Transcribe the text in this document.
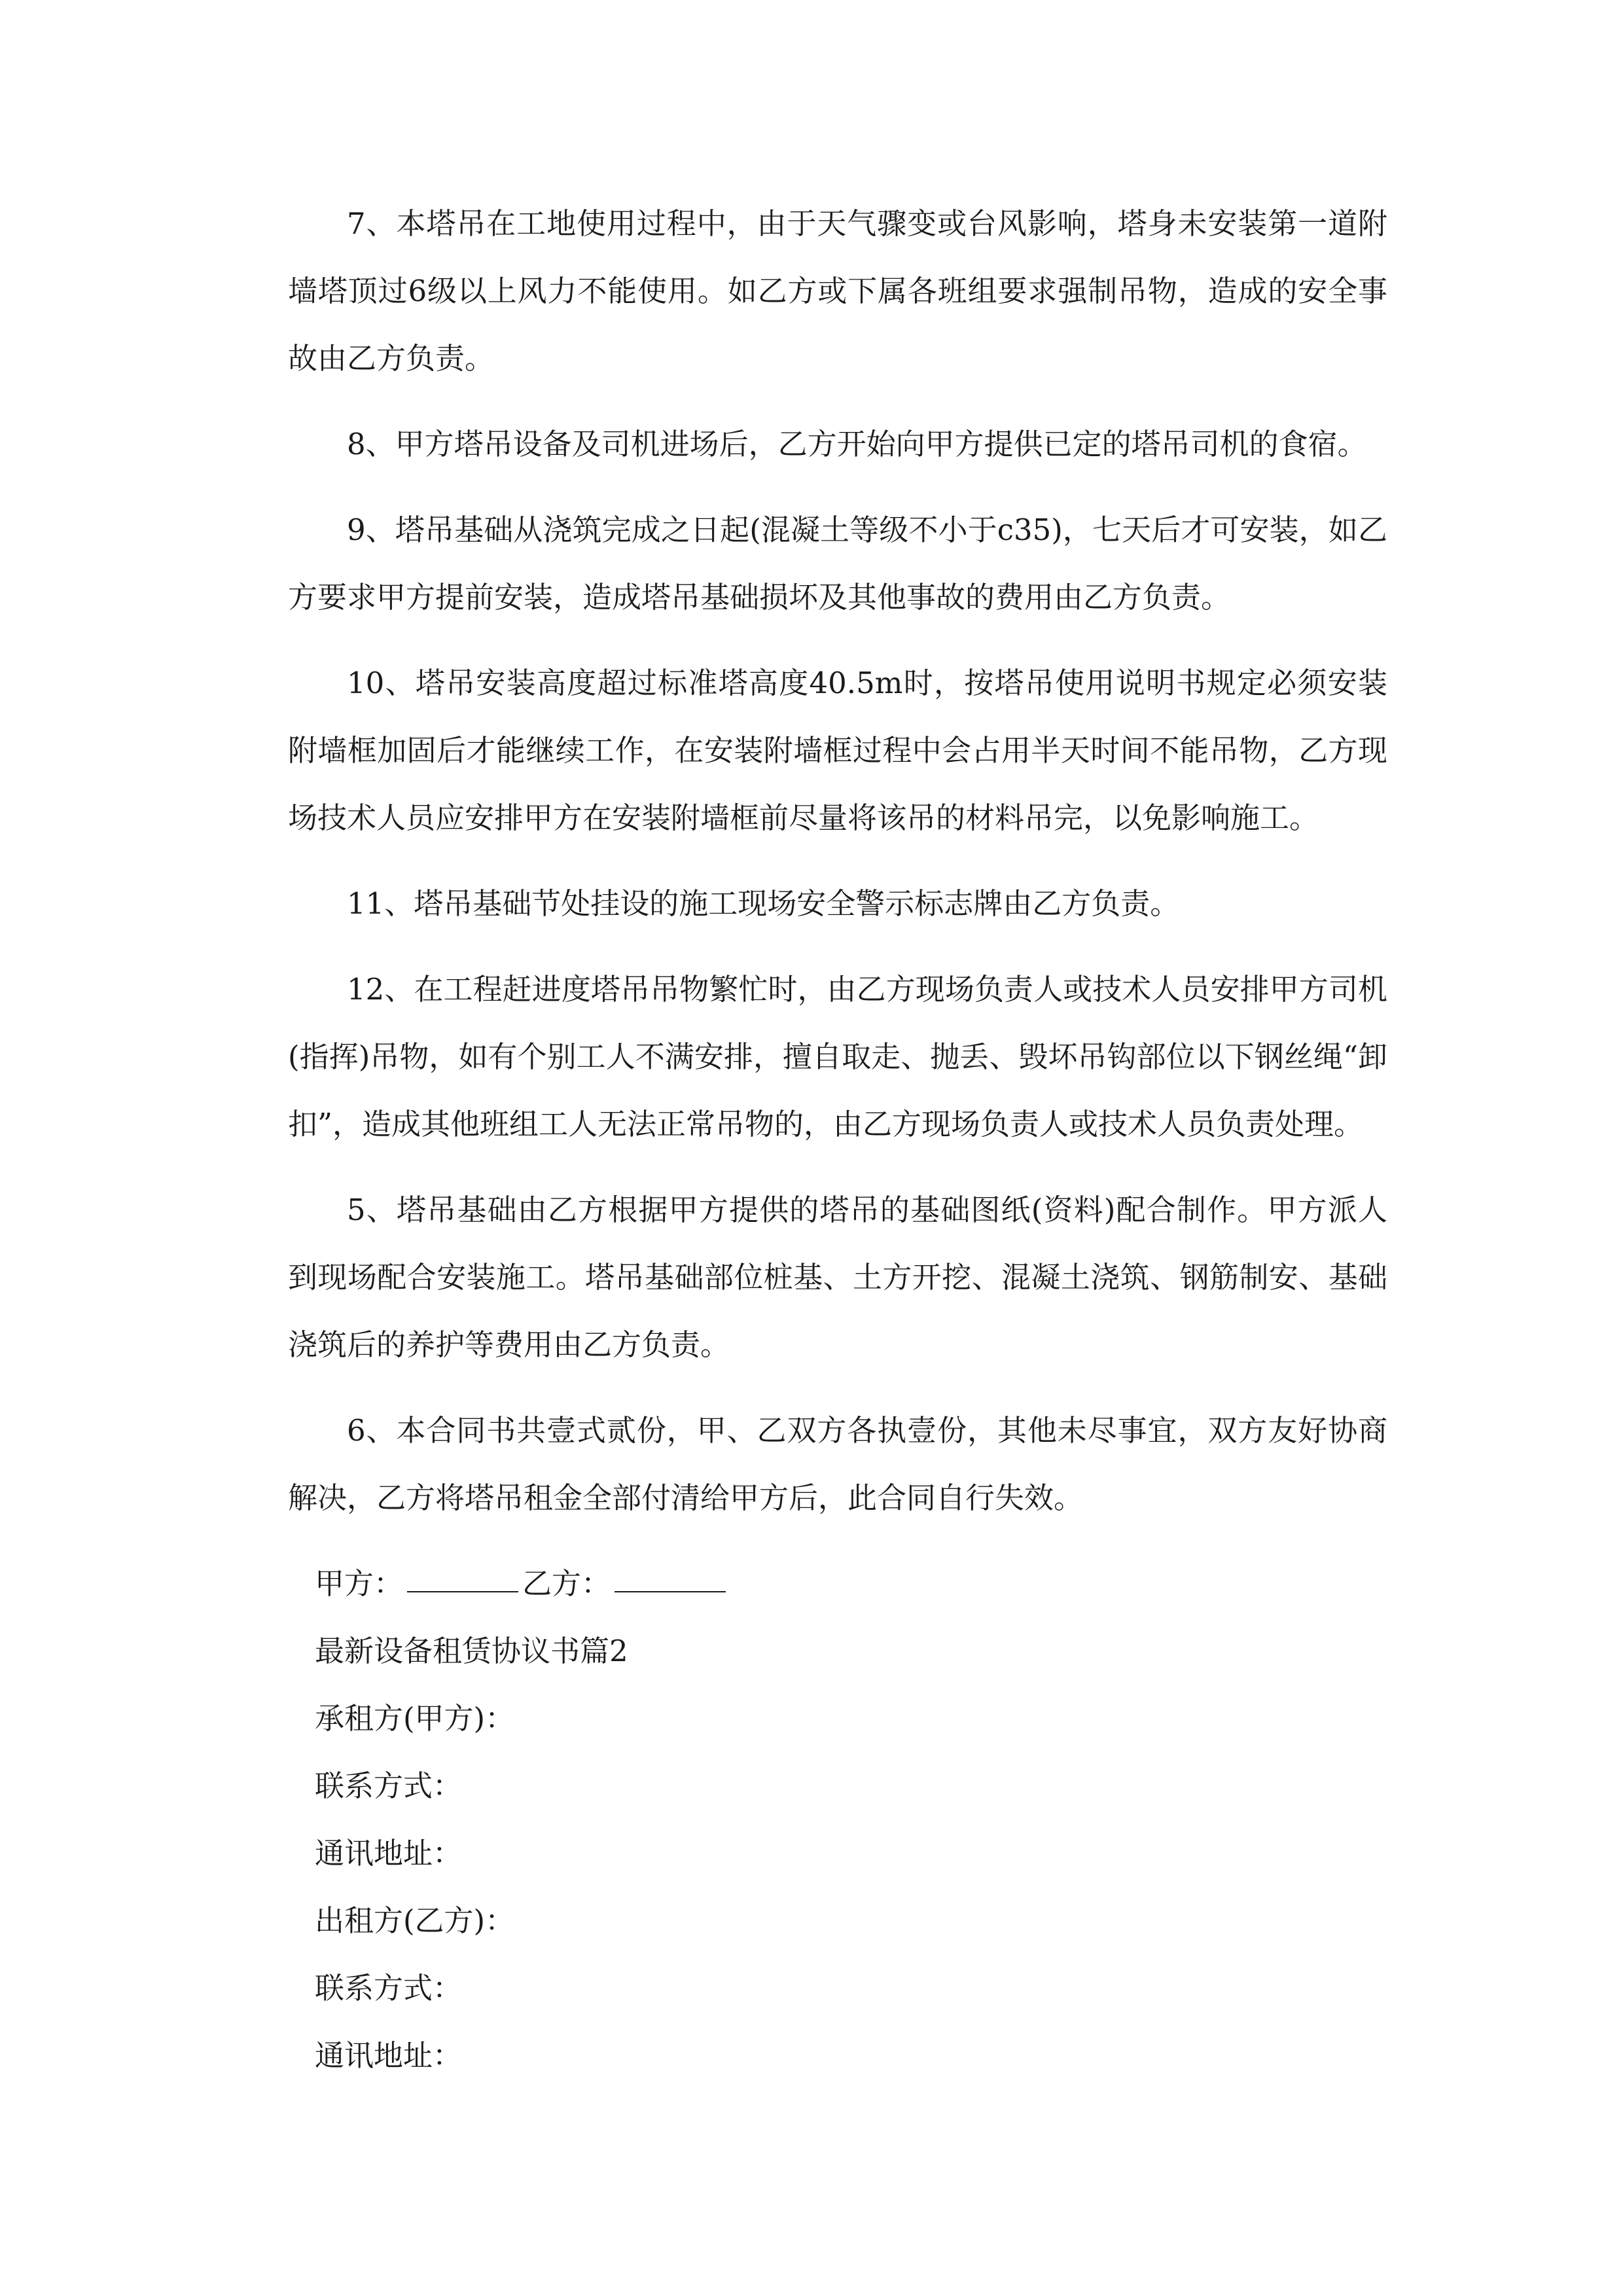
7、本塔吊在工地使用过程中，由于天气骤变或台风影响，塔身未安装第一道附墙塔顶过6级以上风力不能使用。如乙方或下属各班组要求强制吊物，造成的安全事故由乙方负责。

8、甲方塔吊设备及司机进场后，乙方开始向甲方提供已定的塔吊司机的食宿。

9、塔吊基础从浇筑完成之日起(混凝土等级不小于c35)，七天后才可安装，如乙方要求甲方提前安装，造成塔吊基础损坏及其他事故的费用由乙方负责。

10、塔吊安装高度超过标准塔高度40.5m时，按塔吊使用说明书规定必须安装附墙框加固后才能继续工作，在安装附墙框过程中会占用半天时间不能吊物，乙方现场技术人员应安排甲方在安装附墙框前尽量将该吊的材料吊完，以免影响施工。

11、塔吊基础节处挂设的施工现场安全警示标志牌由乙方负责。

12、在工程赶进度塔吊吊物繁忙时，由乙方现场负责人或技术人员安排甲方司机(指挥)吊物，如有个别工人不满安排，擅自取走、抛丢、毁坏吊钩部位以下钢丝绳“卸扣”，造成其他班组工人无法正常吊物的，由乙方现场负责人或技术人员负责处理。

5、塔吊基础由乙方根据甲方提供的塔吊的基础图纸(资料)配合制作。甲方派人到现场配合安装施工。塔吊基础部位桩基、土方开挖、混凝土浇筑、钢筋制安、基础浇筑后的养护等费用由乙方负责。

6、本合同书共壹式贰份，甲、乙双方各执壹份，其他未尽事宜，双方友好协商解决，乙方将塔吊租金全部付清给甲方后，此合同自行失效。

甲方：	乙方：

最新设备租赁协议书篇2

承租方(甲方)：

联系方式：

通讯地址：

出租方(乙方)：

联系方式：

通讯地址：
